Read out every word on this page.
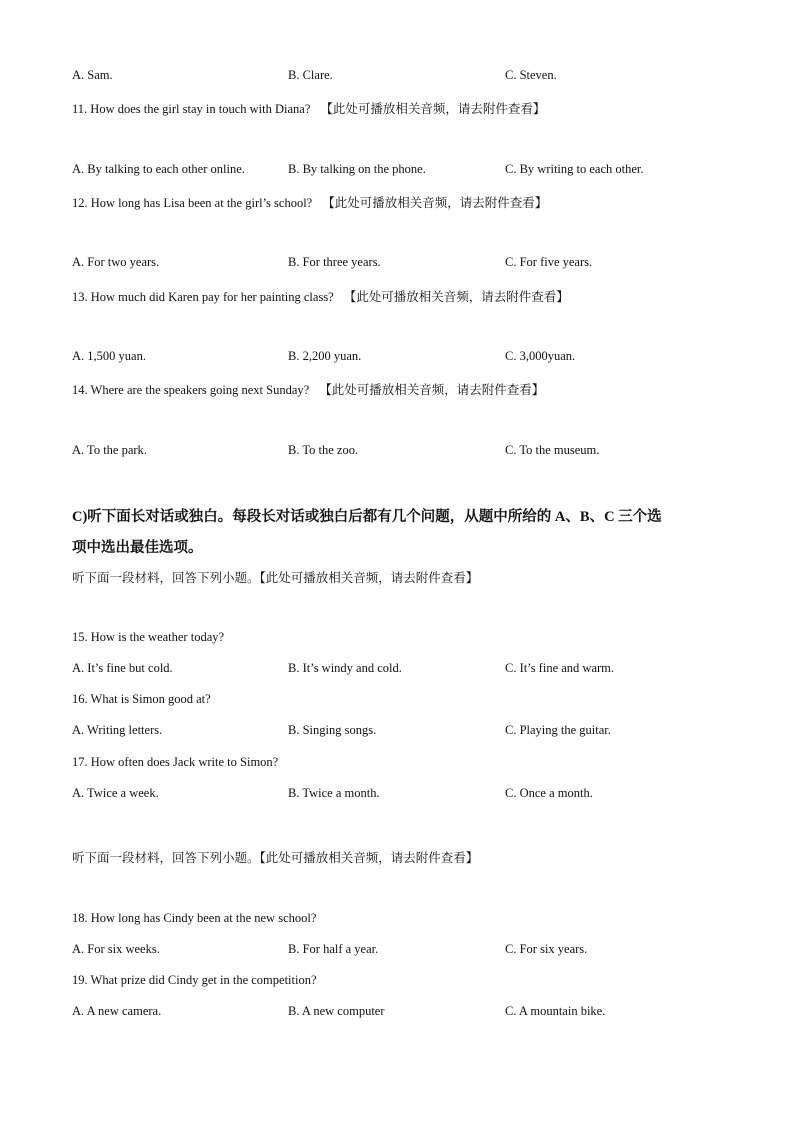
A. Sam.	B. Clare.	C. Steven.
11. How does the girl stay in touch with Diana? 【此处可播放相关音频，请去附件查看】
A. By talking to each other online.	B. By talking on the phone.	C. By writing to each other.
12. How long has Lisa been at the girl’s school? 【此处可播放相关音频，请去附件查看】
A. For two years.	B. For three years.	C. For five years.
13. How much did Karen pay for her painting class? 【此处可播放相关音频，请去附件查看】
A. 1,500 yuan.	B. 2,200 yuan.	C. 3,000yuan.
14. Where are the speakers going next Sunday? 【此处可播放相关音频，请去附件查看】
A. To the park.	B. To the zoo.	C. To the museum.
C)听下面长对话或独白。每段长对话或独白后都有几个问题，从题中所给的 A、B、C 三个选
项中选出最佳选项。
听下面一段材料，回答下列小题。【此处可播放相关音频，请去附件查看】
15. How is the weather today?
A. It’s fine but cold.	B. It’s windy and cold.	C. It’s fine and warm.
16. What is Simon good at?
A. Writing letters.	B. Singing songs.	C. Playing the guitar.
17. How often does Jack write to Simon?
A. Twice a week.	B. Twice a month.	C. Once a month.
听下面一段材料，回答下列小题。【此处可播放相关音频，请去附件查看】
18. How long has Cindy been at the new school?
A. For six weeks.	B. For half a year.	C. For six years.
19. What prize did Cindy get in the competition?
A. A new camera.	B. A new computer	C. A mountain bike.
